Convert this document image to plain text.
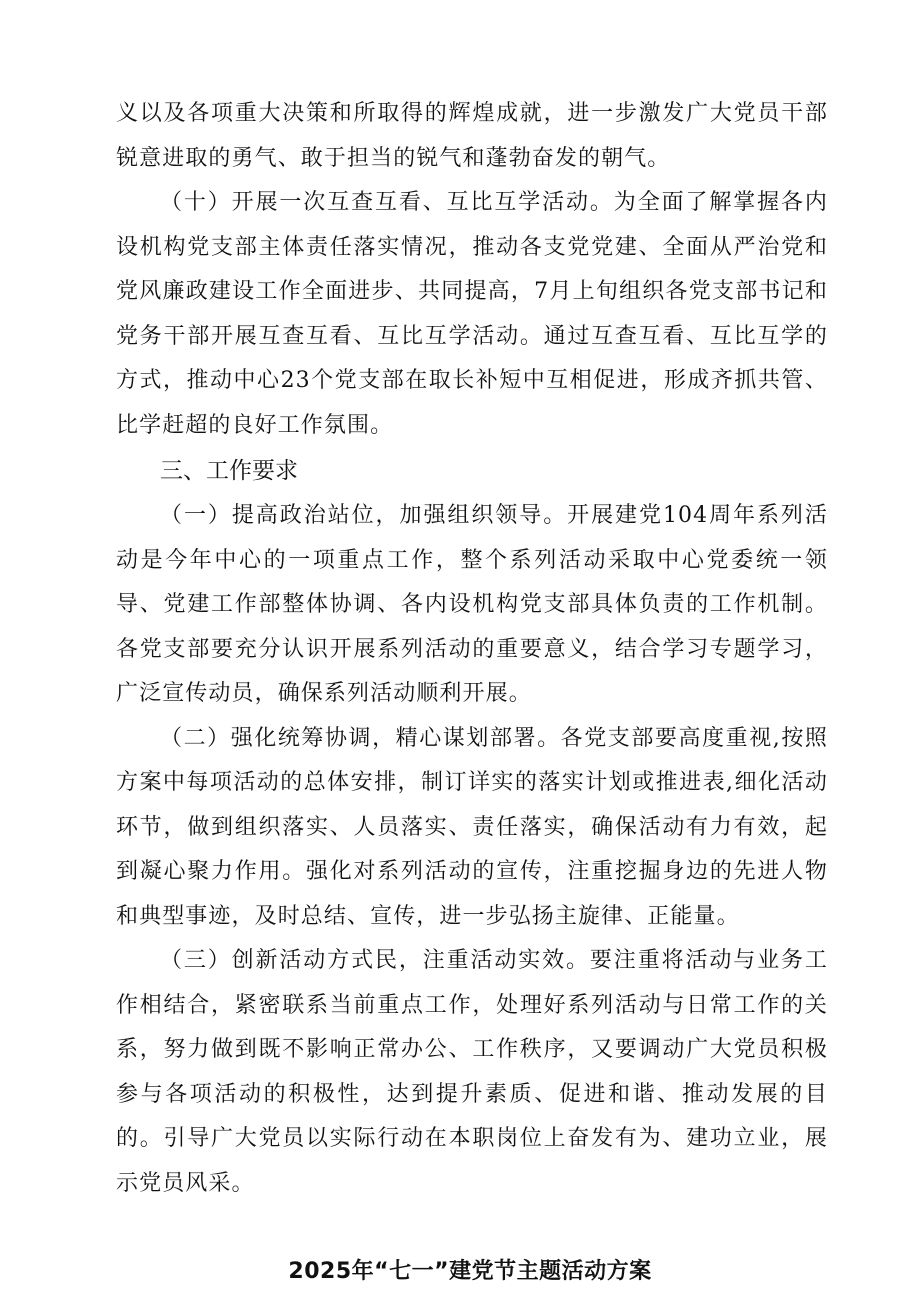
义以及各项重大决策和所取得的辉煌成就，进一步激发广大党员干部锐意进取的勇气、敢于担当的锐气和蓬勃奋发的朝气。

（十）开展一次互查互看、互比互学活动。为全面了解掌握各内设机构党支部主体责任落实情况，推动各支党党建、全面从严治党和党风廉政建设工作全面进步、共同提高，7月上旬组织各党支部书记和党务干部开展互查互看、互比互学活动。通过互查互看、互比互学的方式，推动中心23个党支部在取长补短中互相促进，形成齐抓共管、比学赶超的良好工作氛围。

三、工作要求

（一）提高政治站位，加强组织领导。开展建党104周年系列活动是今年中心的一项重点工作，整个系列活动采取中心党委统一领导、党建工作部整体协调、各内设机构党支部具体负责的工作机制。各党支部要充分认识开展系列活动的重要意义，结合学习专题学习，广泛宣传动员，确保系列活动顺利开展。

（二）强化统筹协调，精心谋划部署。各党支部要高度重视,按照方案中每项活动的总体安排，制订详实的落实计划或推进表,细化活动环节，做到组织落实、人员落实、责任落实，确保活动有力有效，起到凝心聚力作用。强化对系列活动的宣传，注重挖掘身边的先进人物和典型事迹，及时总结、宣传，进一步弘扬主旋律、正能量。

（三）创新活动方式民，注重活动实效。要注重将活动与业务工作相结合，紧密联系当前重点工作，处理好系列活动与日常工作的关系，努力做到既不影响正常办公、工作秩序，又要调动广大党员积极参与各项活动的积极性，达到提升素质、促进和谐、推动发展的目的。引导广大党员以实际行动在本职岗位上奋发有为、建功立业，展示党员风采。

2025年“七一”建党节主题活动方案
